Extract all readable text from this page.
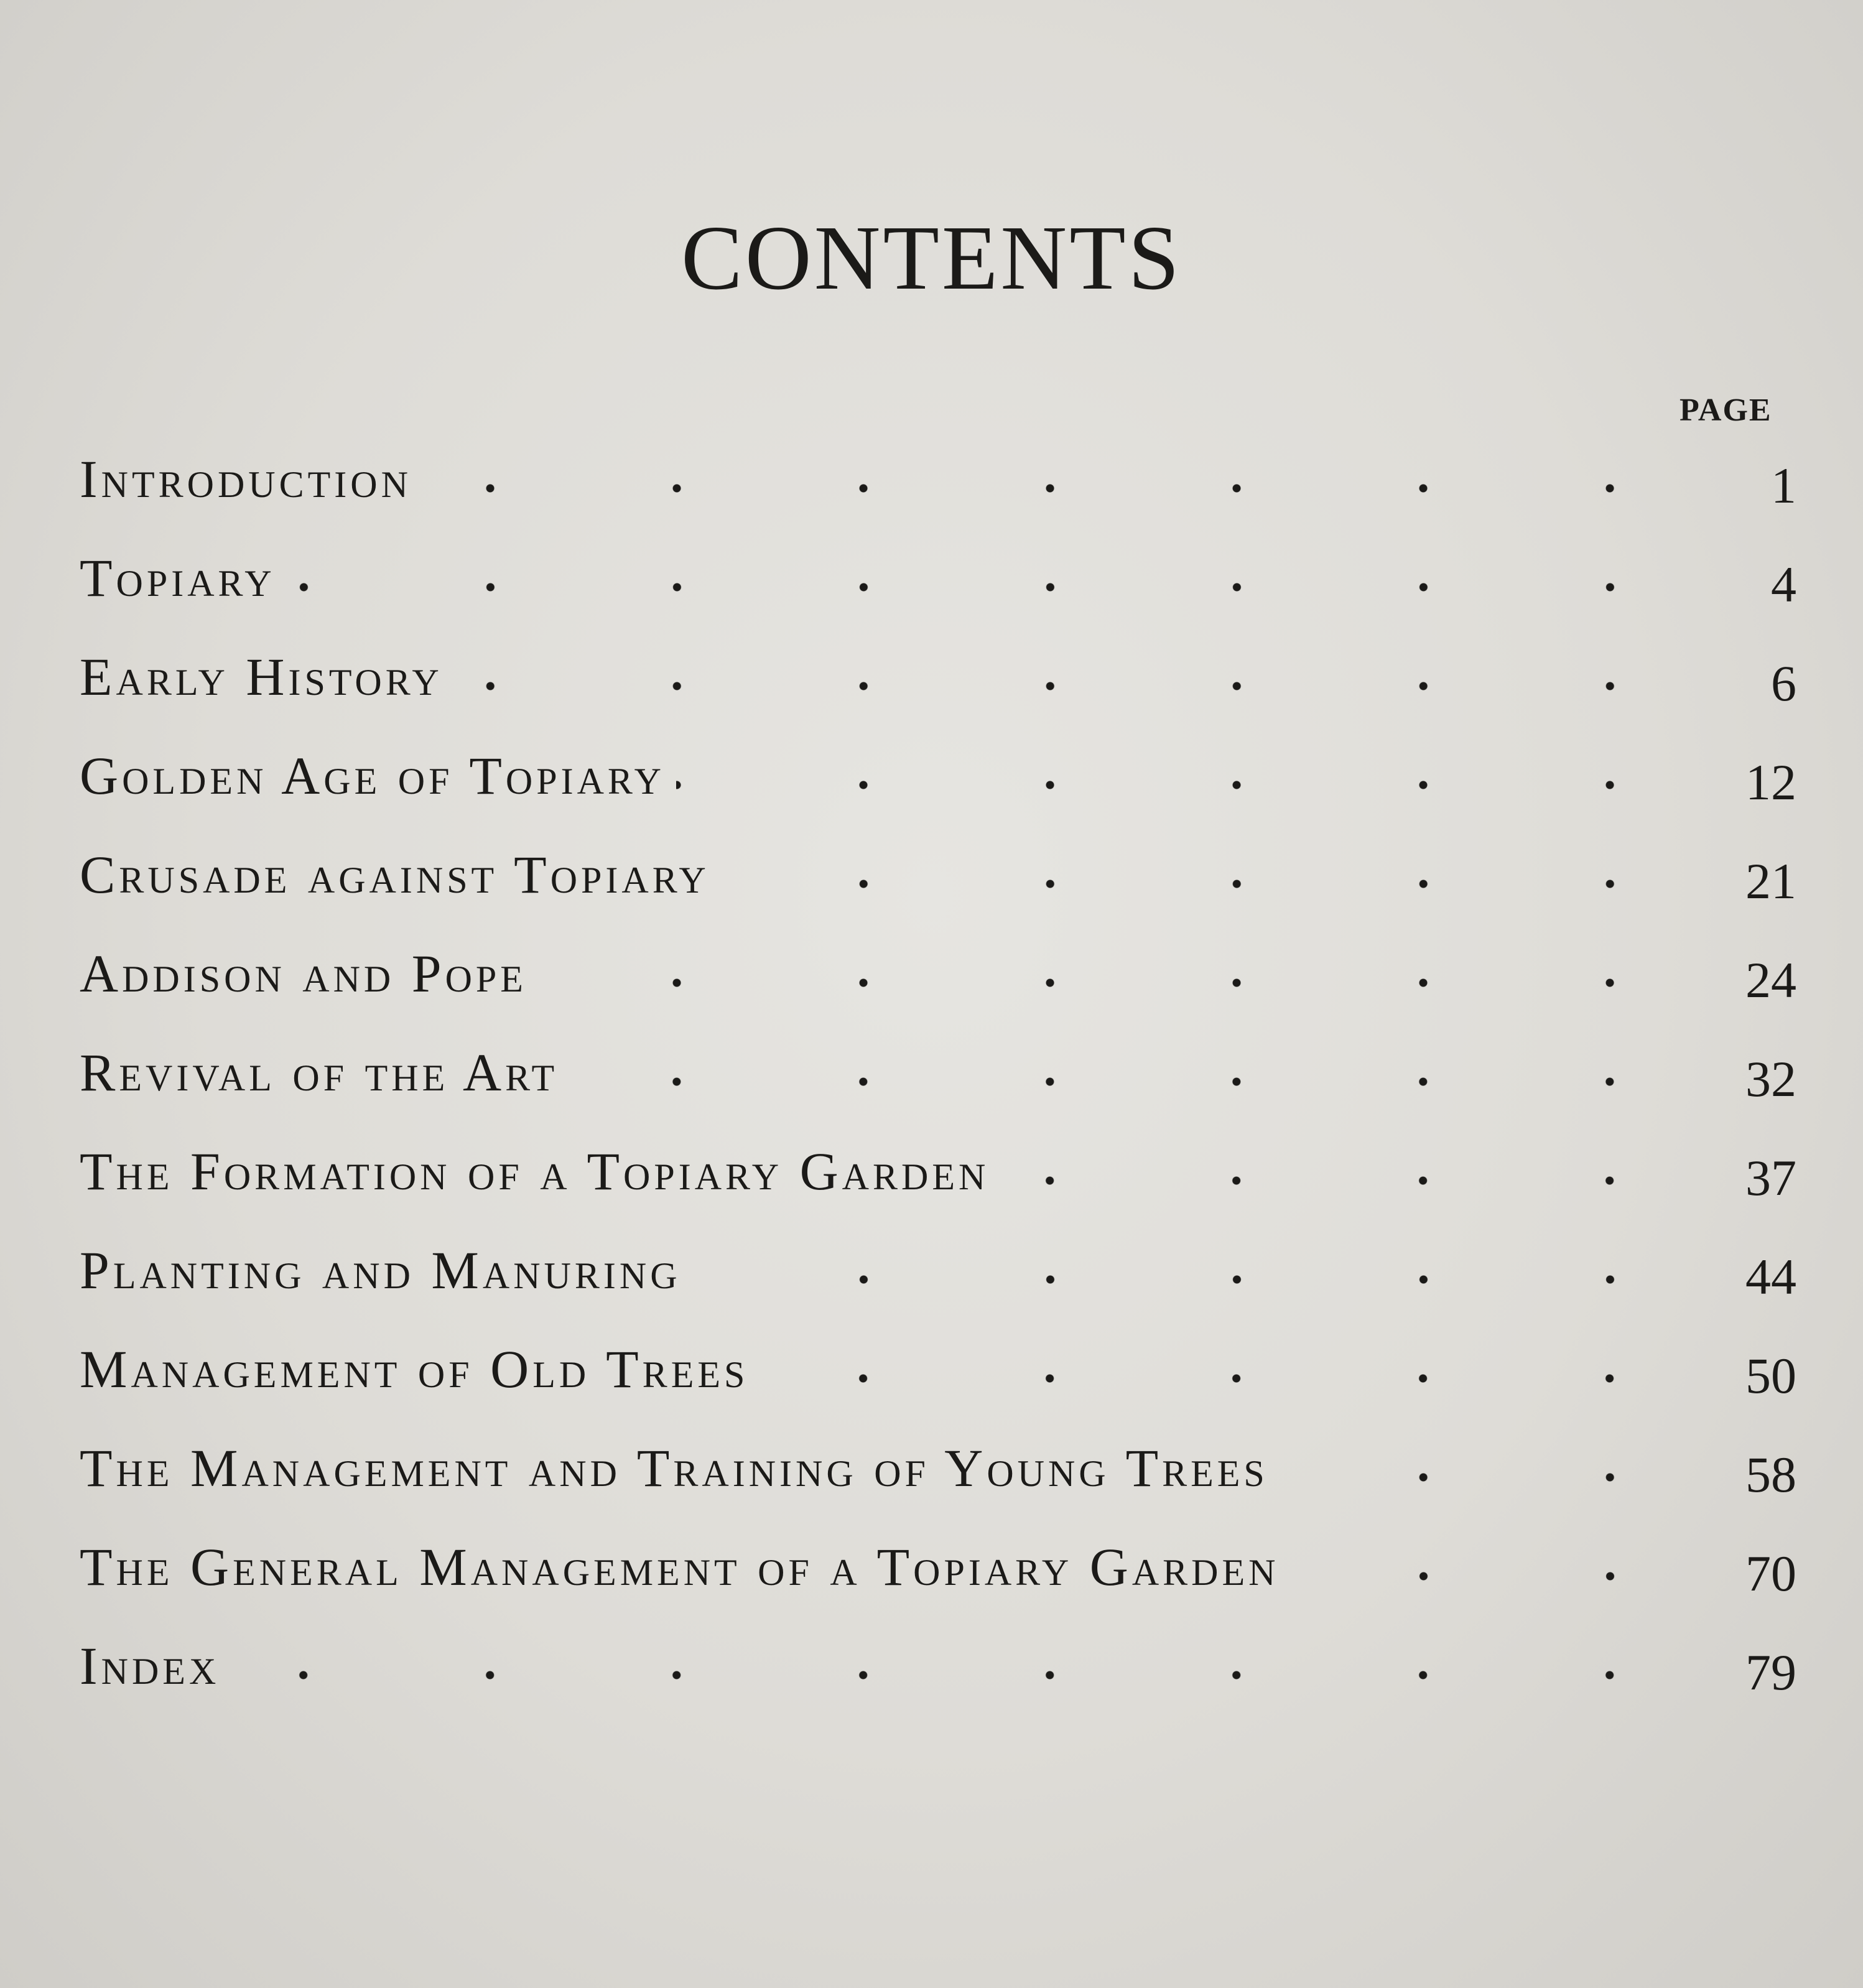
CONTENTS
PAGE
Introduction	1
Topiary	4
Early History	6
Golden Age of Topiary	12
Crusade against Topiary	21
Addison and Pope	24
Revival of the Art	32
The Formation of a Topiary Garden	37
Planting and Manuring	44
Management of Old Trees	50
The Management and Training of Young Trees	58
The General Management of a Topiary Garden	70
Index	79
